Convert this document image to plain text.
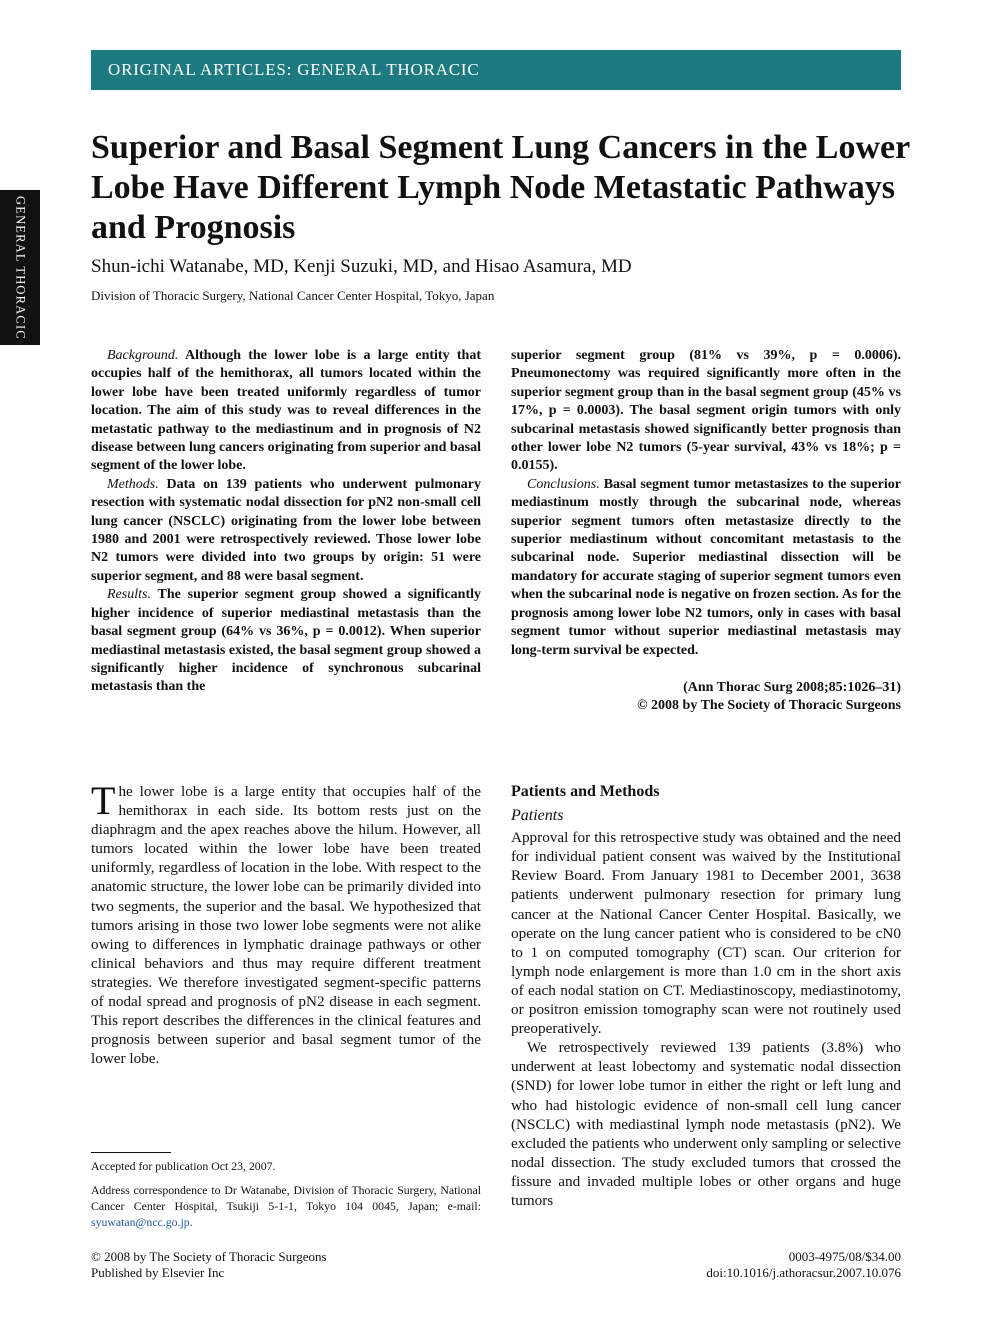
ORIGINAL ARTICLES: GENERAL THORACIC
GENERAL THORACIC
Superior and Basal Segment Lung Cancers in the Lower Lobe Have Different Lymph Node Metastatic Pathways and Prognosis

Shun-ichi Watanabe, MD, Kenji Suzuki, MD, and Hisao Asamura, MD

Division of Thoracic Surgery, National Cancer Center Hospital, Tokyo, Japan

Background. Although the lower lobe is a large entity that occupies half of the hemithorax, all tumors located within the lower lobe have been treated uniformly regardless of tumor location. The aim of this study was to reveal differences in the metastatic pathway to the mediastinum and in prognosis of N2 disease between lung cancers originating from superior and basal segment of the lower lobe.

Methods. Data on 139 patients who underwent pulmonary resection with systematic nodal dissection for pN2 non-small cell lung cancer (NSCLC) originating from the lower lobe between 1980 and 2001 were retrospectively reviewed. Those lower lobe N2 tumors were divided into two groups by origin: 51 were superior segment, and 88 were basal segment.

Results. The superior segment group showed a significantly higher incidence of superior mediastinal metastasis than the basal segment group (64% vs 36%, p = 0.0012). When superior mediastinal metastasis existed, the basal segment group showed a significantly higher incidence of synchronous subcarinal metastasis than the

superior segment group (81% vs 39%, p = 0.0006). Pneumonectomy was required significantly more often in the superior segment group than in the basal segment group (45% vs 17%, p = 0.0003). The basal segment origin tumors with only subcarinal metastasis showed significantly better prognosis than other lower lobe N2 tumors (5-year survival, 43% vs 18%; p = 0.0155).

Conclusions. Basal segment tumor metastasizes to the superior mediastinum mostly through the subcarinal node, whereas superior segment tumors often metastasize directly to the superior mediastinum without concomitant metastasis to the subcarinal node. Superior mediastinal dissection will be mandatory for accurate staging of superior segment tumors even when the subcarinal node is negative on frozen section. As for the prognosis among lower lobe N2 tumors, only in cases with basal segment tumor without superior mediastinal metastasis may long-term survival be expected.

(Ann Thorac Surg 2008;85:1026–31)
© 2008 by The Society of Thoracic Surgeons

The lower lobe is a large entity that occupies half of the hemithorax in each side. Its bottom rests just on the diaphragm and the apex reaches above the hilum. However, all tumors located within the lower lobe have been treated uniformly, regardless of location in the lobe. With respect to the anatomic structure, the lower lobe can be primarily divided into two segments, the superior and the basal. We hypothesized that tumors arising in those two lower lobe segments were not alike owing to differences in lymphatic drainage pathways or other clinical behaviors and thus may require different treatment strategies. We therefore investigated segment-specific patterns of nodal spread and prognosis of pN2 disease in each segment. This report describes the differences in the clinical features and prognosis between superior and basal segment tumor of the lower lobe.

Patients and Methods
Patients

Approval for this retrospective study was obtained and the need for individual patient consent was waived by the Institutional Review Board. From January 1981 to December 2001, 3638 patients underwent pulmonary resection for primary lung cancer at the National Cancer Center Hospital. Basically, we operate on the lung cancer patient who is considered to be cN0 to 1 on computed tomography (CT) scan. Our criterion for lymph node enlargement is more than 1.0 cm in the short axis of each nodal station on CT. Mediastinoscopy, mediastinotomy, or positron emission tomography scan were not routinely used preoperatively.

We retrospectively reviewed 139 patients (3.8%) who underwent at least lobectomy and systematic nodal dissection (SND) for lower lobe tumor in either the right or left lung and who had histologic evidence of non-small cell lung cancer (NSCLC) with mediastinal lymph node metastasis (pN2). We excluded the patients who underwent only sampling or selective nodal dissection. The study excluded tumors that crossed the fissure and invaded multiple lobes or other organs and huge tumors

Accepted for publication Oct 23, 2007.

Address correspondence to Dr Watanabe, Division of Thoracic Surgery, National Cancer Center Hospital, Tsukiji 5-1-1, Tokyo 104 0045, Japan; e-mail: syuwatan@ncc.go.jp.

© 2008 by The Society of Thoracic Surgeons
Published by Elsevier Inc
0003-4975/08/$34.00
doi:10.1016/j.athoracsur.2007.10.076
